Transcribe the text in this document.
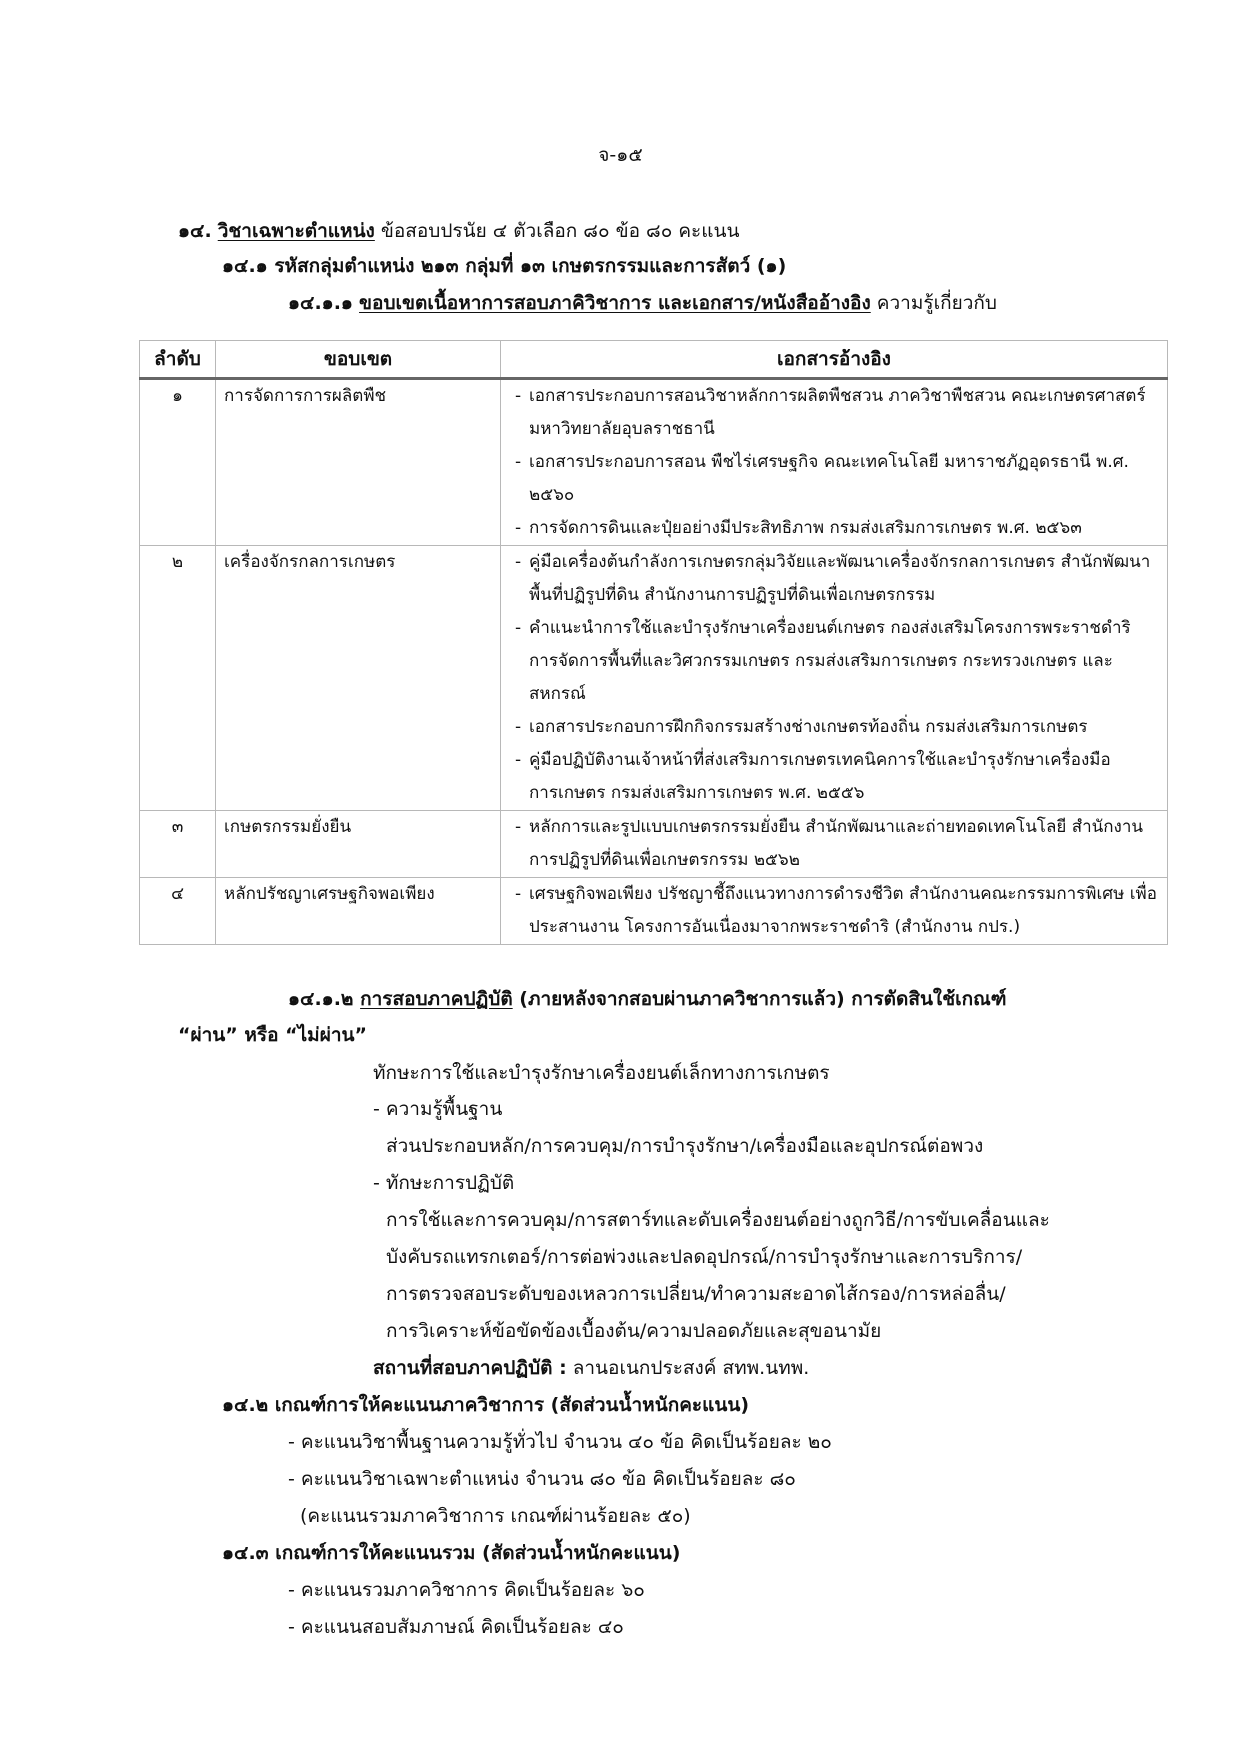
จ-๑๕
๑๔. วิชาเฉพาะตำแหน่ง ข้อสอบปรนัย ๔ ตัวเลือก ๘๐ ข้อ ๘๐ คะแนน
๑๔.๑ รหัสกลุ่มตำแหน่ง ๒๑๓ กลุ่มที่ ๑๓ เกษตรกรรมและการสัตว์ (๑)
๑๔.๑.๑ ขอบเขตเนื้อหาการสอบภาคิวิชาการ และเอกสาร/หนังสืออ้างอิง ความรู้เกี่ยวกับ
ลำดับ	ขอบเขต	เอกสารอ้างอิง
๑	การจัดการการผลิตพืช	- เอกสารประกอบการสอนวิชาหลักการผลิตพืชสวน ภาควิชาพืชสวน คณะเกษตรศาสตร์ มหาวิทยาลัยอุบลราชธานี
- เอกสารประกอบการสอน พืชไร่เศรษฐกิจ คณะเทคโนโลยี มหาราชภัฏอุดรธานี พ.ศ. ๒๕๖๐
- การจัดการดินและปุ๋ยอย่างมีประสิทธิภาพ กรมส่งเสริมการเกษตร พ.ศ. ๒๕๖๓

๒	เครื่องจักรกลการเกษตร	- คู่มือเครื่องต้นกำลังการเกษตรกลุ่มวิจัยและพัฒนาเครื่องจักรกลการเกษตร สำนักพัฒนาพื้นที่ปฏิรูปที่ดิน สำนักงานการปฏิรูปที่ดินเพื่อเกษตรกรรม
- คำแนะนำการใช้และบำรุงรักษาเครื่องยนต์เกษตร กองส่งเสริมโครงการพระราชดำริ การจัดการพื้นที่และวิศวกรรมเกษตร กรมส่งเสริมการเกษตร กระทรวงเกษตร และสหกรณ์
- เอกสารประกอบการฝึกกิจกรรมสร้างช่างเกษตรท้องถิ่น กรมส่งเสริมการเกษตร
- คู่มือปฏิบัติงานเจ้าหน้าที่ส่งเสริมการเกษตรเทคนิคการใช้และบำรุงรักษาเครื่องมือ การเกษตร กรมส่งเสริมการเกษตร พ.ศ. ๒๕๕๖

๓	เกษตรกรรมยั่งยืน	- หลักการและรูปแบบเกษตรกรรมยั่งยืน สำนักพัฒนาและถ่ายทอดเทคโนโลยี สำนักงานการปฏิรูปที่ดินเพื่อเกษตรกรรม ๒๕๖๒

๔	หลักปรัชญาเศรษฐกิจพอเพียง	- เศรษฐกิจพอเพียง ปรัชญาชี้ถึงแนวทางการดำรงชีวิต สำนักงานคณะกรรมการพิเศษ เพื่อประสานงาน โครงการอันเนื่องมาจากพระราชดำริ (สำนักงาน กปร.)
๑๔.๑.๒ การสอบภาคปฏิบัติ (ภายหลังจากสอบผ่านภาควิชาการแล้ว) การตัดสินใช้เกณฑ์
“ผ่าน” หรือ “ไม่ผ่าน”
ทักษะการใช้และบำรุงรักษาเครื่องยนต์เล็กทางการเกษตร
- ความรู้พื้นฐาน
ส่วนประกอบหลัก/การควบคุม/การบำรุงรักษา/เครื่องมือและอุปกรณ์ต่อพวง
- ทักษะการปฏิบัติ
การใช้และการควบคุม/การสตาร์ทและดับเครื่องยนต์อย่างถูกวิธี/การขับเคลื่อนและ
บังคับรถแทรกเตอร์/การต่อพ่วงและปลดอุปกรณ์/การบำรุงรักษาและการบริการ/
การตรวจสอบระดับของเหลวการเปลี่ยน/ทำความสะอาดไส้กรอง/การหล่อลื่น/
การวิเคราะห์ข้อขัดข้องเบื้องต้น/ความปลอดภัยและสุขอนามัย
สถานที่สอบภาคปฏิบัติ : ลานอเนกประสงค์ สทพ.นทพ.
๑๔.๒ เกณฑ์การให้คะแนนภาควิชาการ (สัดส่วนน้ำหนักคะแนน)
- คะแนนวิชาพื้นฐานความรู้ทั่วไป จำนวน ๔๐ ข้อ คิดเป็นร้อยละ ๒๐
- คะแนนวิชาเฉพาะตำแหน่ง จำนวน ๘๐ ข้อ คิดเป็นร้อยละ ๘๐
(คะแนนรวมภาควิชาการ เกณฑ์ผ่านร้อยละ ๕๐)
๑๔.๓ เกณฑ์การให้คะแนนรวม (สัดส่วนน้ำหนักคะแนน)
- คะแนนรวมภาควิชาการ คิดเป็นร้อยละ ๖๐
- คะแนนสอบสัมภาษณ์ คิดเป็นร้อยละ ๔๐
